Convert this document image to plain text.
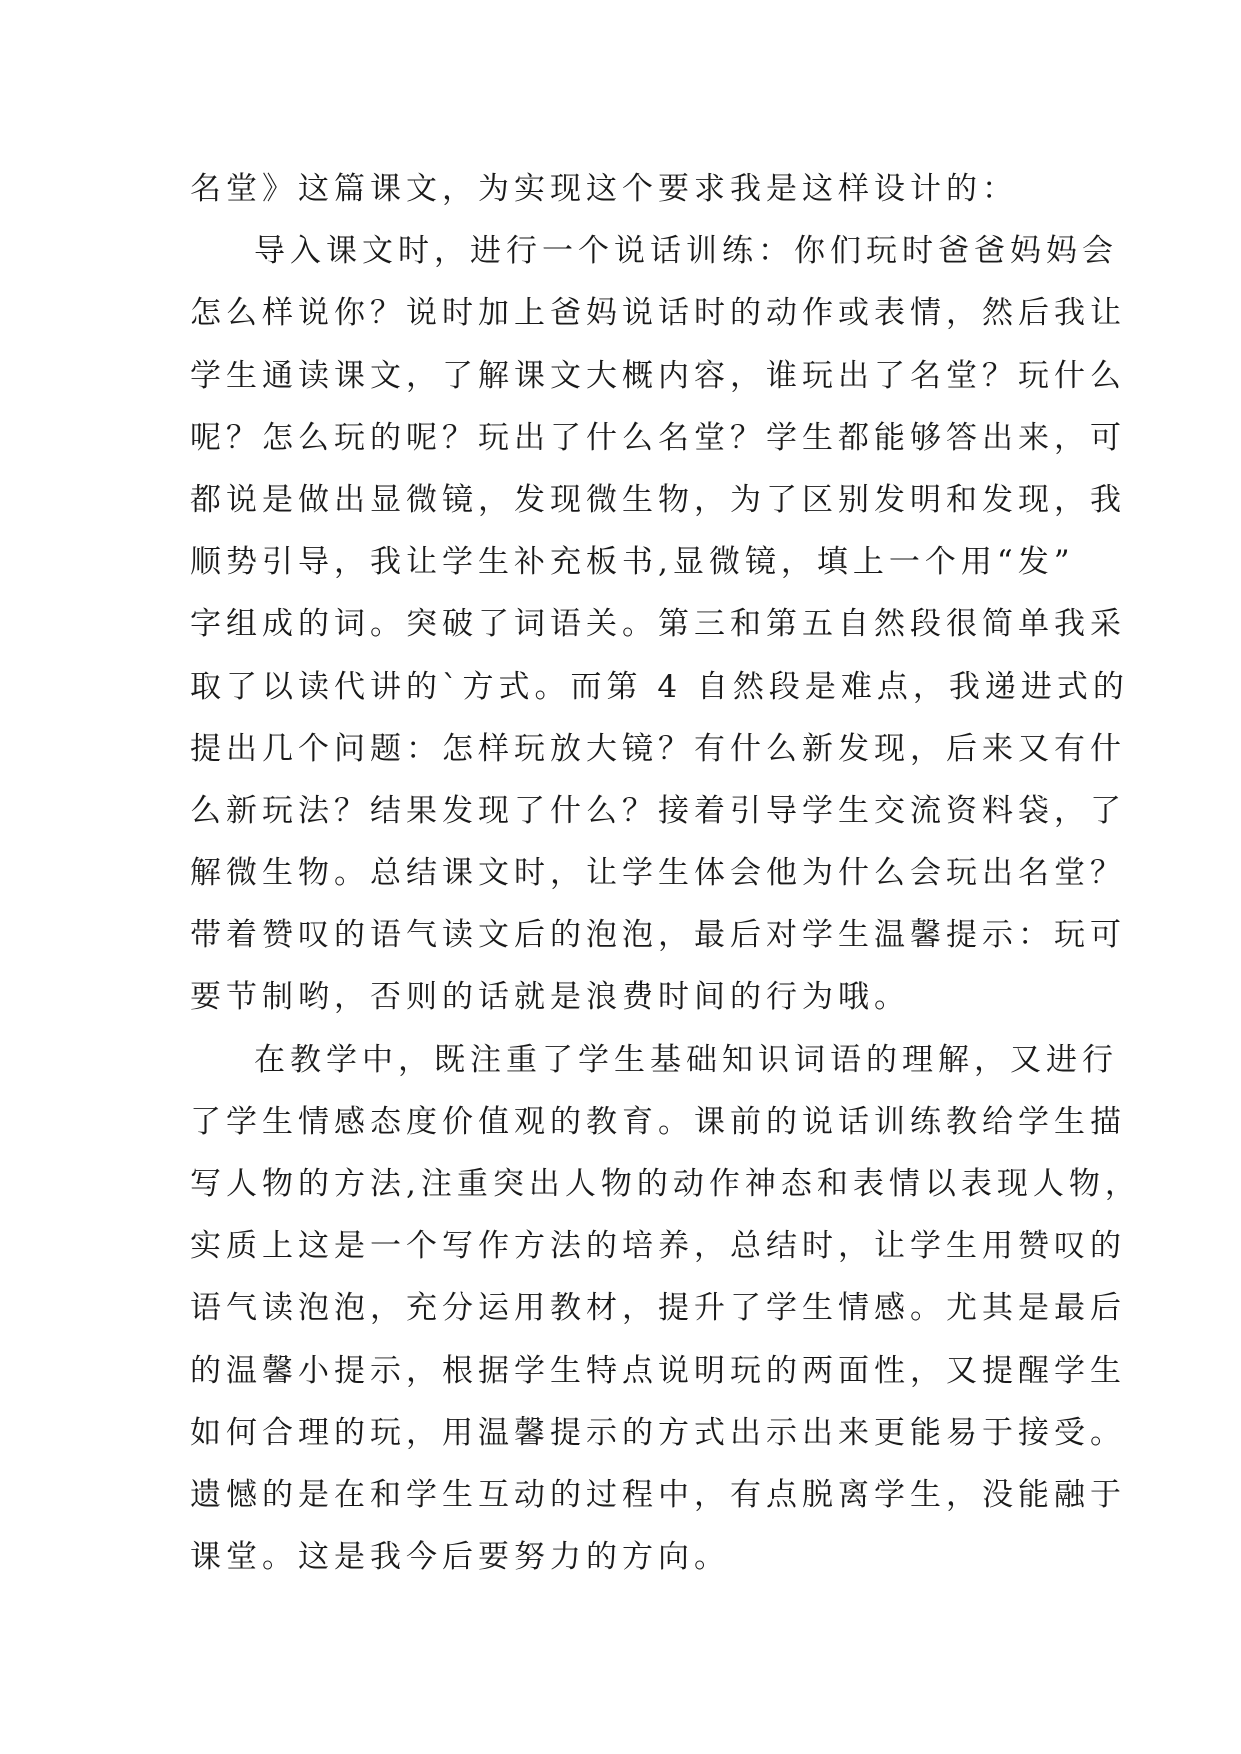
名堂》这篇课文，为实现这个要求我是这样设计的：
导入课文时，进行一个说话训练：你们玩时爸爸妈妈会
怎么样说你？说时加上爸妈说话时的动作或表情，然后我让
学生通读课文，了解课文大概内容，谁玩出了名堂？玩什么
呢？怎么玩的呢？玩出了什么名堂？学生都能够答出来，可
都说是做出显微镜，发现微生物，为了区别发明和发现，我
顺势引导，我让学生补充板书,显微镜，填上一个用“发”
字组成的词。突破了词语关。第三和第五自然段很简单我采
取了以读代讲的`方式。而第 4 自然段是难点，我递进式的
提出几个问题：怎样玩放大镜？有什么新发现，后来又有什
么新玩法？结果发现了什么？接着引导学生交流资料袋，了
解微生物。总结课文时，让学生体会他为什么会玩出名堂？
带着赞叹的语气读文后的泡泡，最后对学生温馨提示：玩可
要节制哟，否则的话就是浪费时间的行为哦。
在教学中，既注重了学生基础知识词语的理解，又进行
了学生情感态度价值观的教育。课前的说话训练教给学生描
写人物的方法,注重突出人物的动作神态和表情以表现人物，
实质上这是一个写作方法的培养，总结时，让学生用赞叹的
语气读泡泡，充分运用教材，提升了学生情感。尤其是最后
的温馨小提示，根据学生特点说明玩的两面性，又提醒学生
如何合理的玩，用温馨提示的方式出示出来更能易于接受。
遗憾的是在和学生互动的过程中，有点脱离学生，没能融于
课堂。这是我今后要努力的方向。
